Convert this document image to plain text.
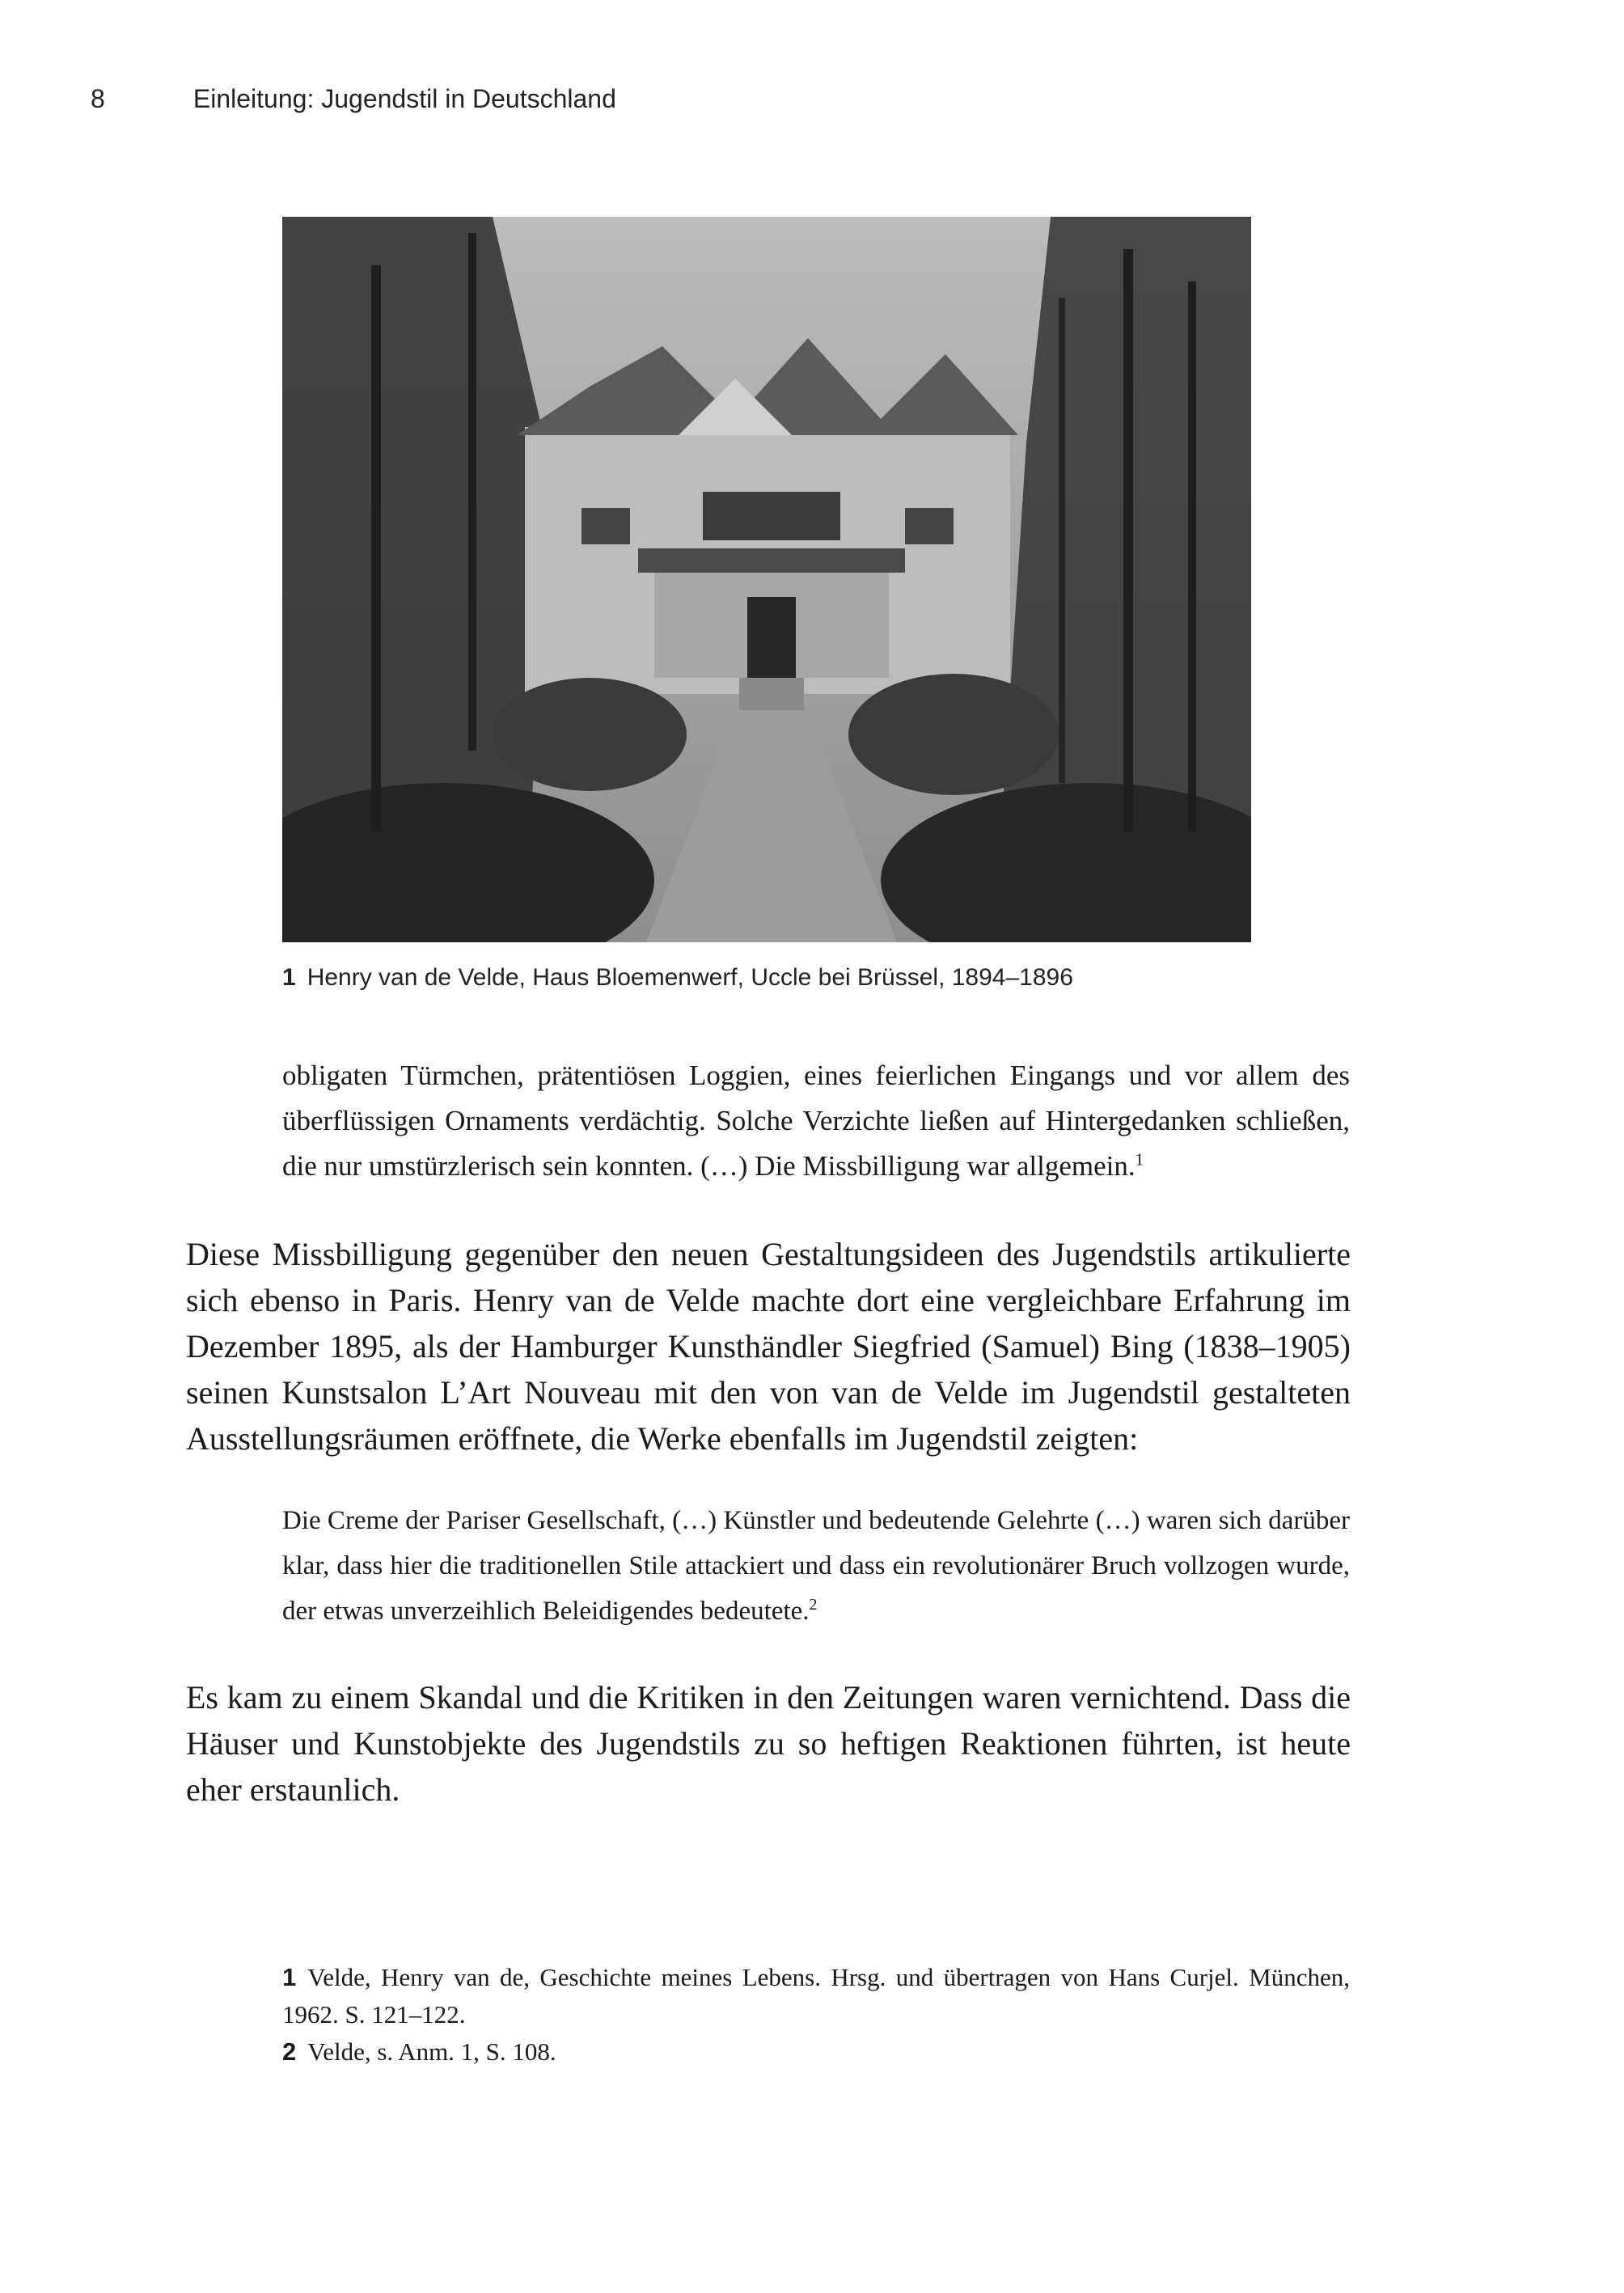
8	Einleitung: Jugendstil in Deutschland
1 Henry van de Velde, Haus Bloemenwerf, Uccle bei Brüssel, 1894–1896

obligaten Türmchen, prätentiösen Loggien, eines feierlichen Eingangs und vor allem des überflüssigen Ornaments verdächtig. Solche Verzichte ließen auf Hintergedanken schließen, die nur umstürzlerisch sein konnten. (…) Die Missbilligung war allgemein.$^1$

Diese Missbilligung gegenüber den neuen Gestaltungsideen des Jugendstils artikulierte sich ebenso in Paris. Henry van de Velde machte dort eine vergleichbare Erfahrung im Dezember 1895, als der Hamburger Kunsthändler Siegfried (Samuel) Bing (1838–1905) seinen Kunstsalon L’Art Nouveau mit den von van de Velde im Jugendstil gestalteten Ausstellungsräumen eröffnete, die Werke ebenfalls im Jugendstil zeigten:

Die Creme der Pariser Gesellschaft, (…) Künstler und bedeutende Gelehrte (…) waren sich darüber klar, dass hier die traditionellen Stile attackiert und dass ein revolutionärer Bruch vollzogen wurde, der etwas unverzeihlich Beleidigendes bedeutete.$^2$

Es kam zu einem Skandal und die Kritiken in den Zeitungen waren vernichtend. Dass die Häuser und Kunstobjekte des Jugendstils zu so heftigen Reaktionen führten, ist heute eher erstaunlich.

1 Velde, Henry van de, Geschichte meines Lebens. Hrsg. und übertragen von Hans Curjel. München, 1962. S. 121–122.

2 Velde, s. Anm. 1, S. 108.
